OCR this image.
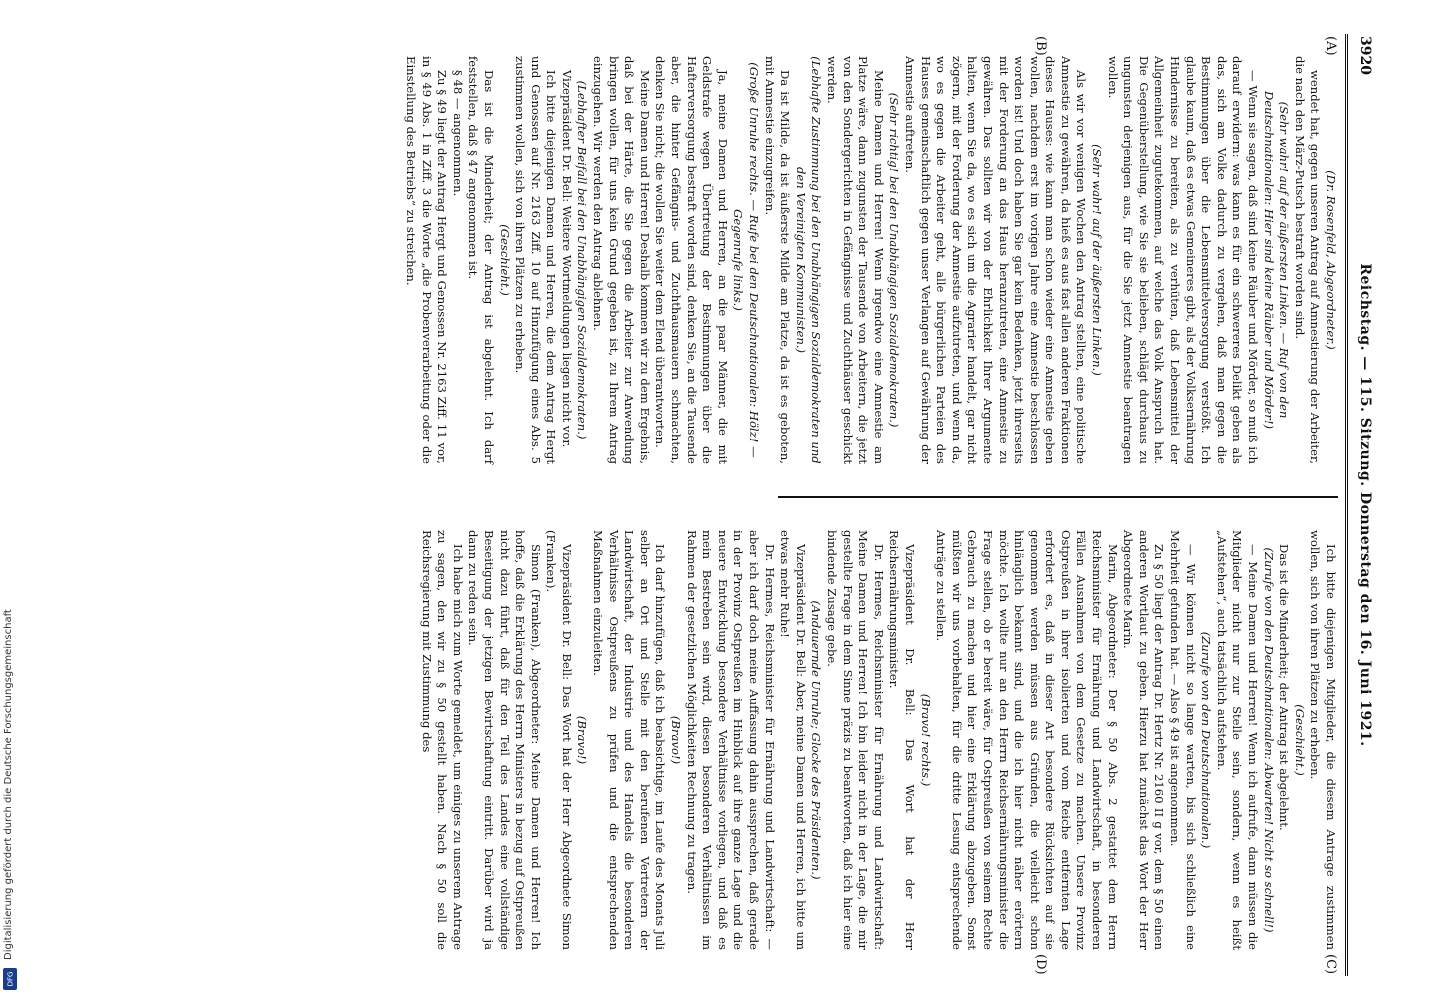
3920
Reichstag. — 115. Sitzung. Donnerstag den 16. Juni 1921.
(A)
(B)
(C)
(D)

(Dr. Rosenfeld, Abgeordneter.)

wendet hat, gegen unseren Antrag auf Amnestierung der Arbeiter, die nach den März-Putsch bestraft worden sind.

(Sehr wahr! auf der äußersten Linken. — Ruf von den Deutschnationalen: Hier sind keine Räuber und Mörder!)

— Wenn sie sagen, daß sind keine Räuber und Mörder, so muß ich darauf erwidern: was kann es für ein schwereres Delikt geben als das, sich am Volke dadurch zu vergehen, daß man gegen die Bestimmungen über die Lebensmittelversorgung verstößt. Ich glaube kaum, daß es etwas Gemeineres gibt, als der Volksernährung Hindernisse zu bereiten, als zu verhüten, daß Lebensmittel der Allgemeinheit zugutekommen, auf welche das Volk Anspruch hat. Die Gegenüberstellung, wie Sie sie belieben, schlägt durchaus zu ungunsten derjenigen aus, für die Sie jetzt Amnestie beantragen wollen.

(Sehr wahr! auf der äußersten Linken.)

Als wir vor wenigen Wochen den Antrag stellten, eine politische Amnestie zu gewähren, da hieß es aus fast allen anderen Fraktionen dieses Hauses: wie kann man schon wieder eine Amnestie geben wollen, nachdem erst im vorigen Jahre eine Amnestie beschlossen worden ist! Und doch haben Sie gar kein Bedenken, jetzt ihrerseits mit der Forderung an das Haus heranzutreten, eine Amnestie zu gewähren. Das sollten wir von der Ehrlichkeit Ihrer Argumente halten, wenn Sie da, wo es sich um die Agrarier handelt, gar nicht zögern, mit der Forderung der Amnestie aufzutreten, und wenn da, wo es gegen die Arbeiter geht, alle bürgerlichen Parteien des Hauses gemeinschaftlich gegen unser Verlangen auf Gewährung der Amnestie auftreten.

(Sehr richtig! bei den Unabhängigen Sozialdemokraten.)

Meine Damen und Herren! Wenn irgendwo eine Amnestie am Platze wäre, dann zugunsten der Tausende von Arbeitern, die jetzt von den Sondergerichten in Gefängnisse und Zuchthäuser geschickt werden.

(Lebhafte Zustimmung bei den Unabhängigen Sozialdemokraten und den Vereinigten Kommunisten.)

Da ist Milde, da ist äußerste Milde am Platze, da ist es geboten, mit Amnestie einzugreifen.

(Große Unruhe rechts. — Rufe bei den Deutschnationalen: Hölz! — Gegenrufe links.)

Ja, meine Damen und Herren, an die paar Männer, die mit Geldstrafe wegen Übertretung der Bestimmungen über die Hafterversorgung bestraft worden sind, denken Sie, an die Tausende aber, die hinter Gefängnis- und Zuchthausmauern schmachten, denken Sie nicht; die wollen Sie weiter dem Elend überantworten.

Meine Damen und Herren! Deshalb kommen wir zu dem Ergebnis, daß bei der Härte, die Sie gegen die Arbeiter zur Anwendung bringen wollen, für uns kein Grund gegeben ist, zu Ihrem Antrag einzugehen. Wir werden den Antrag ablehnen.

(Lebhafter Beifall bei den Unabhängigen Sozialdemokraten.)

Vizepräsident Dr. Bell: Weitere Wortmeldungen liegen nicht vor.

Ich bitte diejenigen Damen und Herren, die dem Antrag Hergt und Genossen auf Nr. 2163 Ziff. 10 auf Hinzufügung eines Abs. 5 zustimmen wollen, sich von ihren Plätzen zu erheben.

(Geschieht.)

Das ist die Minderheit; der Antrag ist abgelehnt. Ich darf feststellen, daß § 47 angenommen ist.

§ 48 — angenommen.

Zu § 49 liegt der Antrag Hergt und Genossen Nr. 2163 Ziff. 11 vor, in § 49 Abs. 1 in Ziff. 3 die Worte „die Probenverarbeitung oder die Einstellung des Betriebs“ zu streichen.

Ich bitte diejenigen Mitglieder, die diesem Antrage zustimmen wollen, sich von ihren Plätzen zu erheben.

(Geschieht.)

Das ist die Minderheit; der Antrag ist abgelehnt.

(Zurufe von den Deutschnationalen: Abwarten! Nicht so schnell!)

— Meine Damen und Herren! Wenn ich aufrufe, dann müssen die Mitglieder nicht nur zur Stelle sein, sondern, wenn es heißt „Aufstehen“, auch tatsächlich aufstehen.

(Zurufe von den Deutschnationalen.)

— Wir können nicht so lange warten, bis sich schließlich eine Mehrheit gefunden hat. — Also § 49 ist angenommen.

Zu § 50 liegt der Antrag Dr. Hertz Nr. 2160 II g vor, dem § 50 einen anderen Wortlaut zu geben. Hierzu hat zunächst das Wort der Herr Abgeordnete Marin.

Marin, Abgeordneter: Der § 50 Abs. 2 gestattet dem Herrn Reichsminister für Ernährung und Landwirtschaft, in besonderen Fällen Ausnahmen von dem Gesetze zu machen. Unsere Provinz Ostpreußen in ihrer isolierten und vom Reiche entfernten Lage erfordert es, daß in dieser Art besondere Rücksichten auf sie genommen werden müssen aus Gründen, die vielleicht schon hinlänglich bekannt sind, und die ich hier nicht näher erörtern möchte. Ich wollte nur an den Herrn Reichsernährungsminister die Frage stellen, ob er bereit wäre, für Ostpreußen von seinem Rechte Gebrauch zu machen und hier eine Erklärung abzugeben. Sonst müßten wir uns vorbehalten, für die dritte Lesung entsprechende Anträge zu stellen.

(Bravo! rechts.)

Vizepräsident Dr. Bell: Das Wort hat der Herr Reichsernährungsminister.

Dr. Hermes, Reichsminister für Ernährung und Landwirtschaft: Meine Damen und Herren! Ich bin leider nicht in der Lage, die mir gestellte Frage in dem Sinne präzis zu beantworten, daß ich hier eine bindende Zusage gebe.

(Andauernde Unruhe; Glocke des Präsidenten.)

Vizepräsident Dr. Bell: Aber, meine Damen und Herren, ich bitte um etwas mehr Ruhe!

Dr. Hermes, Reichsminister für Ernährung und Landwirtschaft: — aber ich darf doch meine Auffassung dahin aussprechen, daß gerade in der Provinz Ostpreußen im Hinblick auf ihre ganze Lage und die neuere Entwicklung besondere Verhältnisse vorliegen, und daß es mein Bestreben sein wird, diesen besonderen Verhältnissen im Rahmen der gesetzlichen Möglichkeiten Rechnung zu tragen.

(Bravo!)

Ich darf hinzufügen, daß ich beabsichtige, im Laufe des Monats Juli selber an Ort und Stelle mit den berufenen Vertretern der Landwirtschaft, der Industrie und des Handels die besonderen Verhältnisse Ostpreußens zu prüfen und die entsprechenden Maßnahmen einzuleiten.

(Bravo!)

Vizepräsident Dr. Bell: Das Wort hat der Herr Abgeordnete Simon (Franken).

Simon (Franken), Abgeordneter: Meine Damen und Herren! Ich hoffe, daß die Erklärung des Herrn Ministers in bezug auf Ostpreußen nicht dazu führt, daß für den Teil des Landes eine vollständige Beseitigung der jetzigen Bewirtschaftung eintritt. Darüber wird ja dann zu reden sein.

Ich habe mich zum Worte gemeldet, um einiges zu unserem Antrage zu sagen, den wir zu § 50 gestellt haben. Nach § 50 soll die Reichsregierung mit Zustimmung des

Digitalisierung gefördert durch die Deutsche Forschungsgemeinschaft
DFG
